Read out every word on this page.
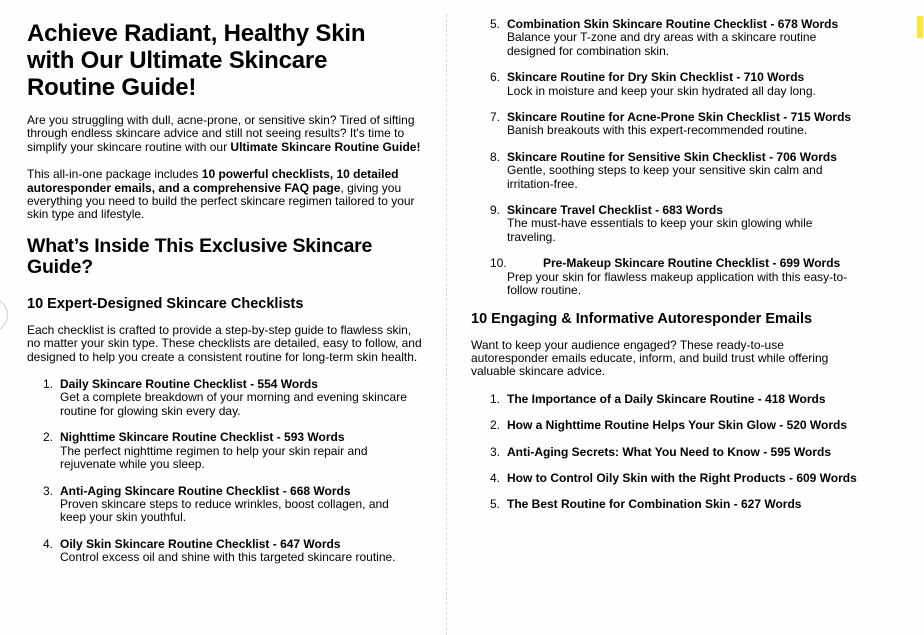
Achieve Radiant, Healthy Skin with Our Ultimate Skincare Routine Guide!

Are you struggling with dull, acne-prone, or sensitive skin? Tired of sifting through endless skincare advice and still not seeing results? It's time to simplify your skincare routine with our Ultimate Skincare Routine Guide!

This all-in-one package includes 10 powerful checklists, 10 detailed autoresponder emails, and a comprehensive FAQ page, giving you everything you need to build the perfect skincare regimen tailored to your skin type and lifestyle.

What’s Inside This Exclusive Skincare Guide?
10 Expert-Designed Skincare Checklists

Each checklist is crafted to provide a step-by-step guide to flawless skin, no matter your skin type. These checklists are detailed, easy to follow, and designed to help you create a consistent routine for long-term skin health.

1. Daily Skincare Routine Checklist - 554 Words
Get a complete breakdown of your morning and evening skincare routine for glowing skin every day.
2. Nighttime Skincare Routine Checklist - 593 Words
The perfect nighttime regimen to help your skin repair and rejuvenate while you sleep.
3. Anti-Aging Skincare Routine Checklist - 668 Words
Proven skincare steps to reduce wrinkles, boost collagen, and keep your skin youthful.
4. Oily Skin Skincare Routine Checklist - 647 Words
Control excess oil and shine with this targeted skincare routine.
5. Combination Skin Skincare Routine Checklist - 678 Words
Balance your T-zone and dry areas with a skincare routine designed for combination skin.
6. Skincare Routine for Dry Skin Checklist - 710 Words
Lock in moisture and keep your skin hydrated all day long.
7. Skincare Routine for Acne-Prone Skin Checklist - 715 Words
Banish breakouts with this expert-recommended routine.
8. Skincare Routine for Sensitive Skin Checklist - 706 Words
Gentle, soothing steps to keep your sensitive skin calm and irritation-free.
9. Skincare Travel Checklist - 683 Words
The must-have essentials to keep your skin glowing while traveling.
10.	Pre-Makeup Skincare Routine Checklist - 699 Words
Prep your skin for flawless makeup application with this easy-to-follow routine.
10 Engaging & Informative Autoresponder Emails

Want to keep your audience engaged? These ready-to-use autoresponder emails educate, inform, and build trust while offering valuable skincare advice.

1. The Importance of a Daily Skincare Routine - 418 Words
2. How a Nighttime Routine Helps Your Skin Glow - 520 Words
3. Anti-Aging Secrets: What You Need to Know - 595 Words
4. How to Control Oily Skin with the Right Products - 609 Words
5. The Best Routine for Combination Skin - 627 Words
